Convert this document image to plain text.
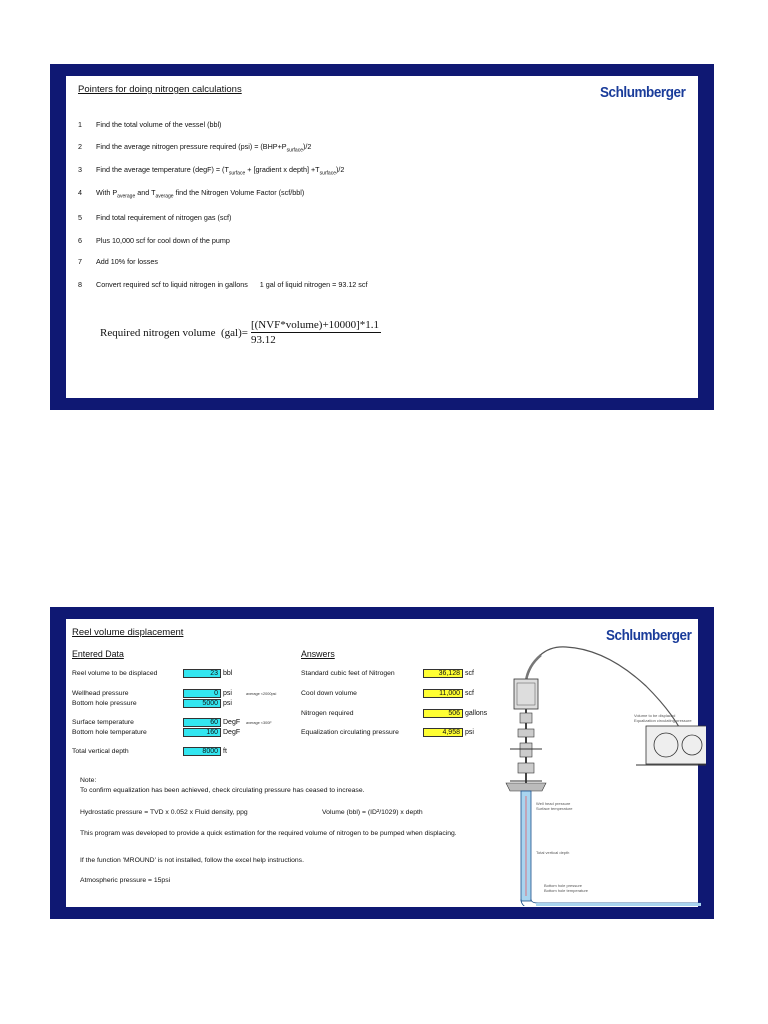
Pointers for doing nitrogen calculations	Schlumberger
1	Find the total volume of the vessel (bbl)
2	Find the average nitrogen pressure required $(psi) = (BHP+P_{surface})/2$
3	Find the average temperature (degF) = ($T_{surface}$ + [gradient x depth] $+T_{surface})/2$
4	With $P_{average}$ and $T_{average}$ find the Nitrogen Volume Factor (scf/bbl)
5	Find total requirement of nitrogen gas (scf)
6	Plus 10,000 scf for cool down of the pump
7	Add 10% for losses
8	Convert required scf to liquid nitrogen in gallons      1 gal of liquid nitrogen = 93.12 scf
Required nitrogen volume  $(gal)= \frac{\text{[(NVF*volume)+10000]*1.1}}{93.12}$
Reel volume displacement	Schlumberger
Entered Data	Answers
Reel volume to be displaced	23 bbl
Wellhead pressure	0 psi	average <2000psi
Bottom hole pressure	5000 psi
Surface temperature	60 DegF average <300F
Bottom hole temperature	160 DegF
Total vertical depth	8000 ft
Standard cubic feet of Nitrogen	36,128 scf
Cool down volume	11,000 scf
Nitrogen required	506 gallons
Equalization circulating pressure	4,958 psi
Note:
To confirm equalization has been achieved, check circulating pressure has ceased to increase.
Hydrostatic pressure = TVD x 0.052 x Fluid density, ppg	Volume (bbl) = (ID²/1029) x depth
This program was developed to provide a quick estimation for the required volume of nitrogen to be pumped when displacing.
If the function 'MROUND' is not installed, follow the excel help instructions.
Atmospheric pressure = 15psi
Volume to be displaced
Equalization circulating pressure
Well head pressure
Surface temperature
Total vertical depth
Bottom hole pressure
Bottom hole temperature
